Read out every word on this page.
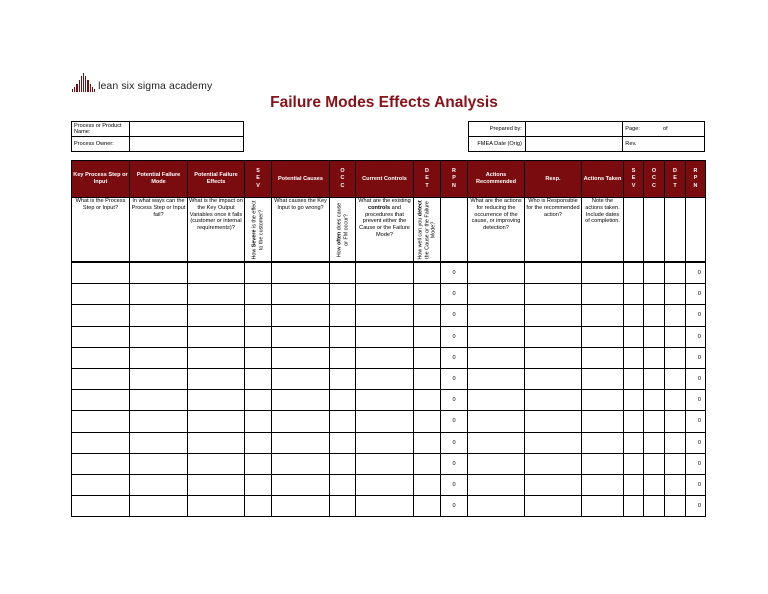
lean six sigma academy
Failure Modes Effects Analysis
Process or Product Name:	
Process Owner:	
Prepared by:		Page:	of	
FMEA Date (Orig)		Rev.		
Key Process Step or Input	Potential Failure Mode	Potential Failure Effects	S E V	Potential Causes	O C C	Current Controls	D E T	R P N	Actions Recommended	Resp.	Actions Taken	S E V	O C C	D E T	R P N
What is the Process Step or Input?	In what ways can the Process Step or Input fail?	What is the impact on the Key Output Variables once it fails (customer or internal requirements)?	How Severe is the effect to the customer?	What causes the Key Input to go wrong?	How often does cause or FM occur?	What are the existing controls and procedures that prevent either the Cause or the Failure Mode?	How well can you detect the Cause or the Failure Mode?		What are the actions for reducing the occurrence of the cause, or improving detection?	Who is Responsible for the recommended action?	Note the actions taken. Include dates of completion.				
								0							0
								0							0
								0							0
								0							0
								0							0
								0							0
								0							0
								0							0
								0							0
								0							0
								0							0
								0							0
